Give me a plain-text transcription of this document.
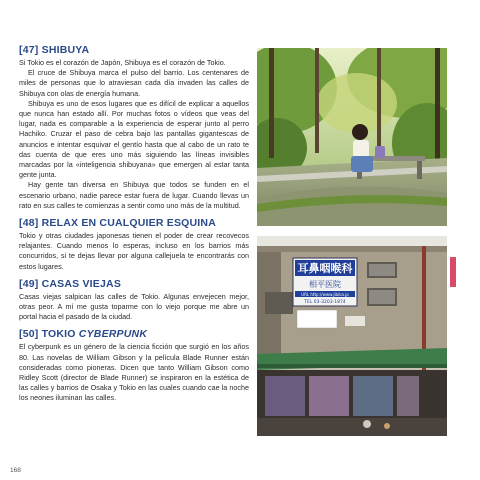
[47] SHIBUYA

Si Tokio es el corazón de Japón, Shibuya es el corazón de Tokio.

El cruce de Shibuya marca el pulso del barrio. Los centenares de miles de personas que lo atraviesan cada día invaden las calles de Shibuya con olas de energía humana.

Shibuya es uno de esos lugares que es difícil de explicar a aquellos que nunca han estado allí. Por muchas fotos o vídeos que veas del lugar, nada es comparable a la experiencia de esperar junto al perro Hachiko. Cruzar el paso de cebra bajo las pantallas gigantescas de anuncios e intentar esquivar el gentío hasta que al cabo de un rato te das cuenta de que eres uno más siguiendo las líneas invisibles marcadas por la «inteligencia shibuyana» que emergen al estar tanta gente junta.

Hay gente tan diversa en Shibuya que todos se funden en el escenario urbano, nadie parece estar fuera de lugar. Cuando llevas un rato en sus calles te comienzas a sentir como uno más de la multitud.

[48] RELAX EN CUALQUIER ESQUINA

Tokio y otras ciudades japonesas tienen el poder de crear recovecos relajantes. Cuando menos lo esperas, incluso en los barrios más concurridos, si te dejas llevar por alguna callejuela te encontrarás con estos lugares.

[49] CASAS VIEJAS

Casas viejas salpican las calles de Tokio. Algunas envejecen mejor, otras peor. A mí me gusta toparme con lo viejo porque me abre un portal hacia el pasado de la ciudad.

[50] TOKIO CYBERPUNK

El cyberpunk es un género de la ciencia ficción que surgió en los años 80. Las novelas de William Gibson y la película Blade Runner están consideradas como pioneras. Dicen que tanto William Gibson como Ridley Scott (director de Blade Runner) se inspiraron en la estética de las calles y barrios de Osaka y Tokio en las cuales cuando cae la noche los neones iluminan las calles.

耳鼻咽喉科
相平医院
URL http://www.jibika.jp
TEL 03-3203-1874
168
